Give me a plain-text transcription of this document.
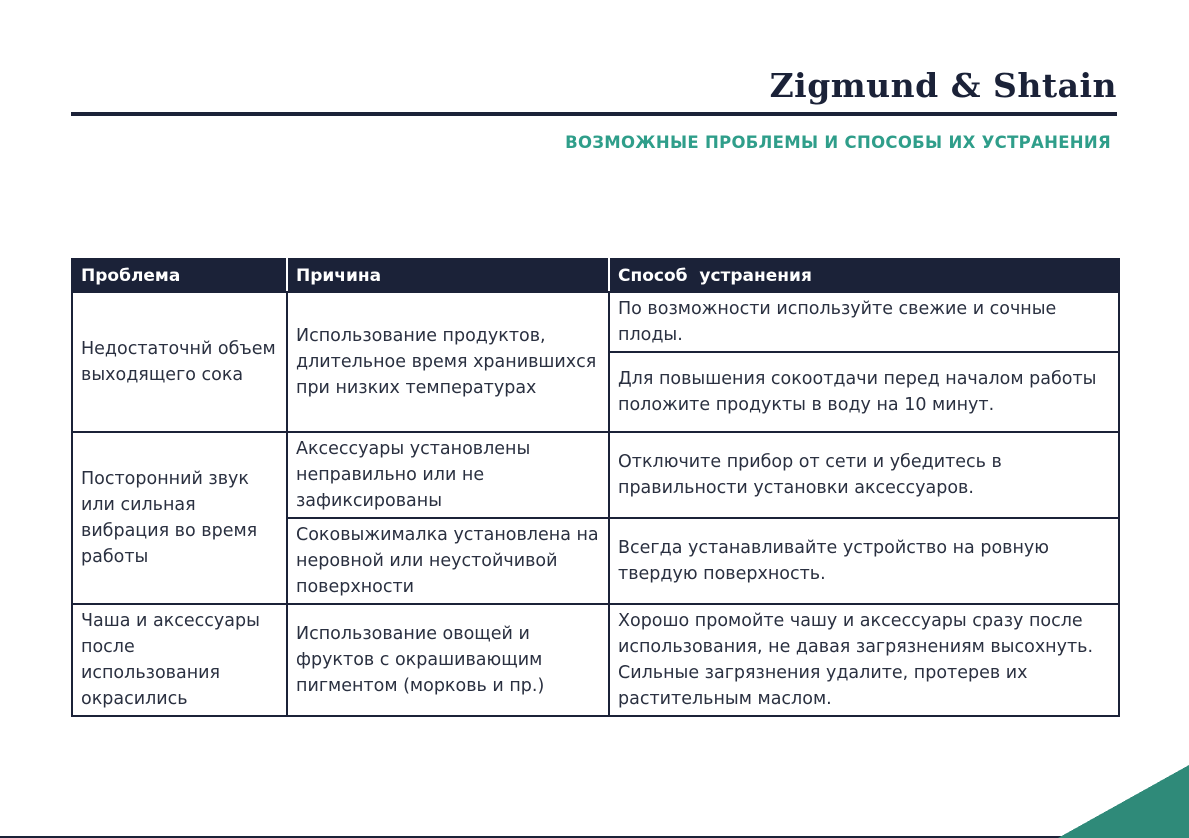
Zigmund & Shtain
ВОЗМОЖНЫЕ ПРОБЛЕМЫ И СПОСОБЫ ИХ УСТРАНЕНИЯ
Проблема	Причина	Способ  устранения
Недостаточнй объем выходящего сока	Использование продуктов, длительное время хранившихся при низких температурах	По возможности используйте свежие и сочные плоды.
		Для повышения сокоотдачи перед началом работы положите продукты в воду на 10 минут.
Посторонний звук или сильная вибрация во время работы	Аксессуары установлены неправильно или не зафиксированы	Отключите прибор от сети и убедитесь в правильности установки аксессуаров.
	Соковыжималка установлена на неровной или неустойчивой поверхности	Всегда устанавливайте устройство на ровную твердую поверхность.
Чаша и аксессуары после использования окрасились	Использование овощей и фруктов с окрашивающим пигментом (морковь и пр.)	Хорошо промойте чашу и аксессуары сразу после использования, не давая загрязнениям высохнуть. Сильные загрязнения удалите, протерев их растительным маслом.
